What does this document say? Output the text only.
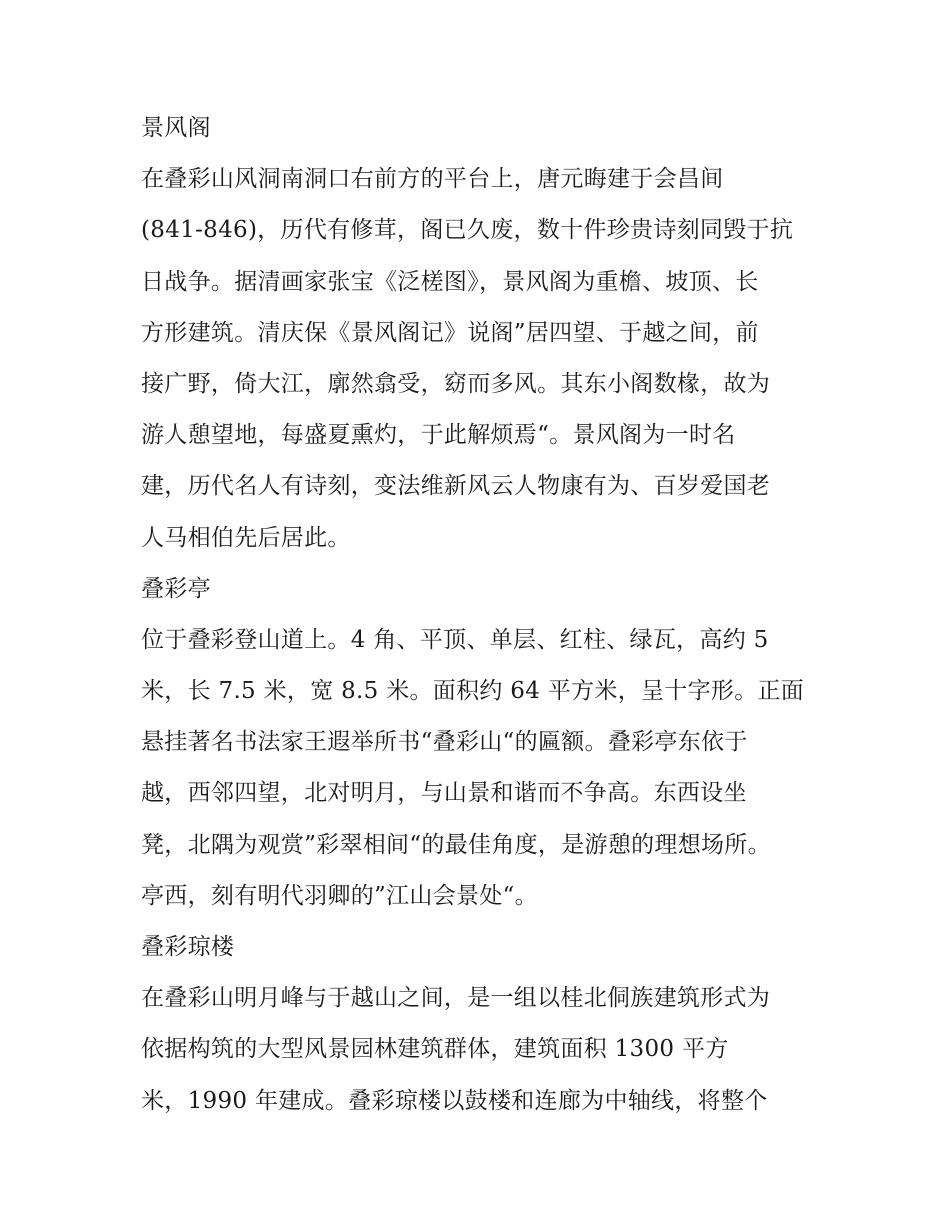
景风阁
在叠彩山风洞南洞口右前方的平台上，唐元晦建于会昌间
(841-846)，历代有修茸，阁已久废，数十件珍贵诗刻同毁于抗
日战争。据清画家张宝《泛槎图》，景风阁为重檐、坡顶、长
方形建筑。清庆保《景风阁记》说阁”居四望、于越之间，前
接广野，倚大江，廓然翕受，窈而多风。其东小阁数椽，故为
游人憩望地，每盛夏熏灼，于此解烦焉“。景风阁为一时名
建，历代名人有诗刻，变法维新风云人物康有为、百岁爱国老
人马相伯先后居此。
叠彩亭
位于叠彩登山道上。4 角、平顶、单层、红柱、绿瓦，高约 5
米，长 7.5 米，宽 8.5 米。面积约 64 平方米，呈十字形。正面
悬挂著名书法家王遐举所书“叠彩山“的匾额。叠彩亭东依于
越，西邻四望，北对明月，与山景和谐而不争高。东西设坐
凳，北隅为观赏”彩翠相间“的最佳角度，是游憩的理想场所。
亭西，刻有明代羽卿的”江山会景处“。
叠彩琼楼
在叠彩山明月峰与于越山之间，是一组以桂北侗族建筑形式为
依据构筑的大型风景园林建筑群体，建筑面积 1300 平方
米，1990 年建成。叠彩琼楼以鼓楼和连廊为中轴线，将整个
